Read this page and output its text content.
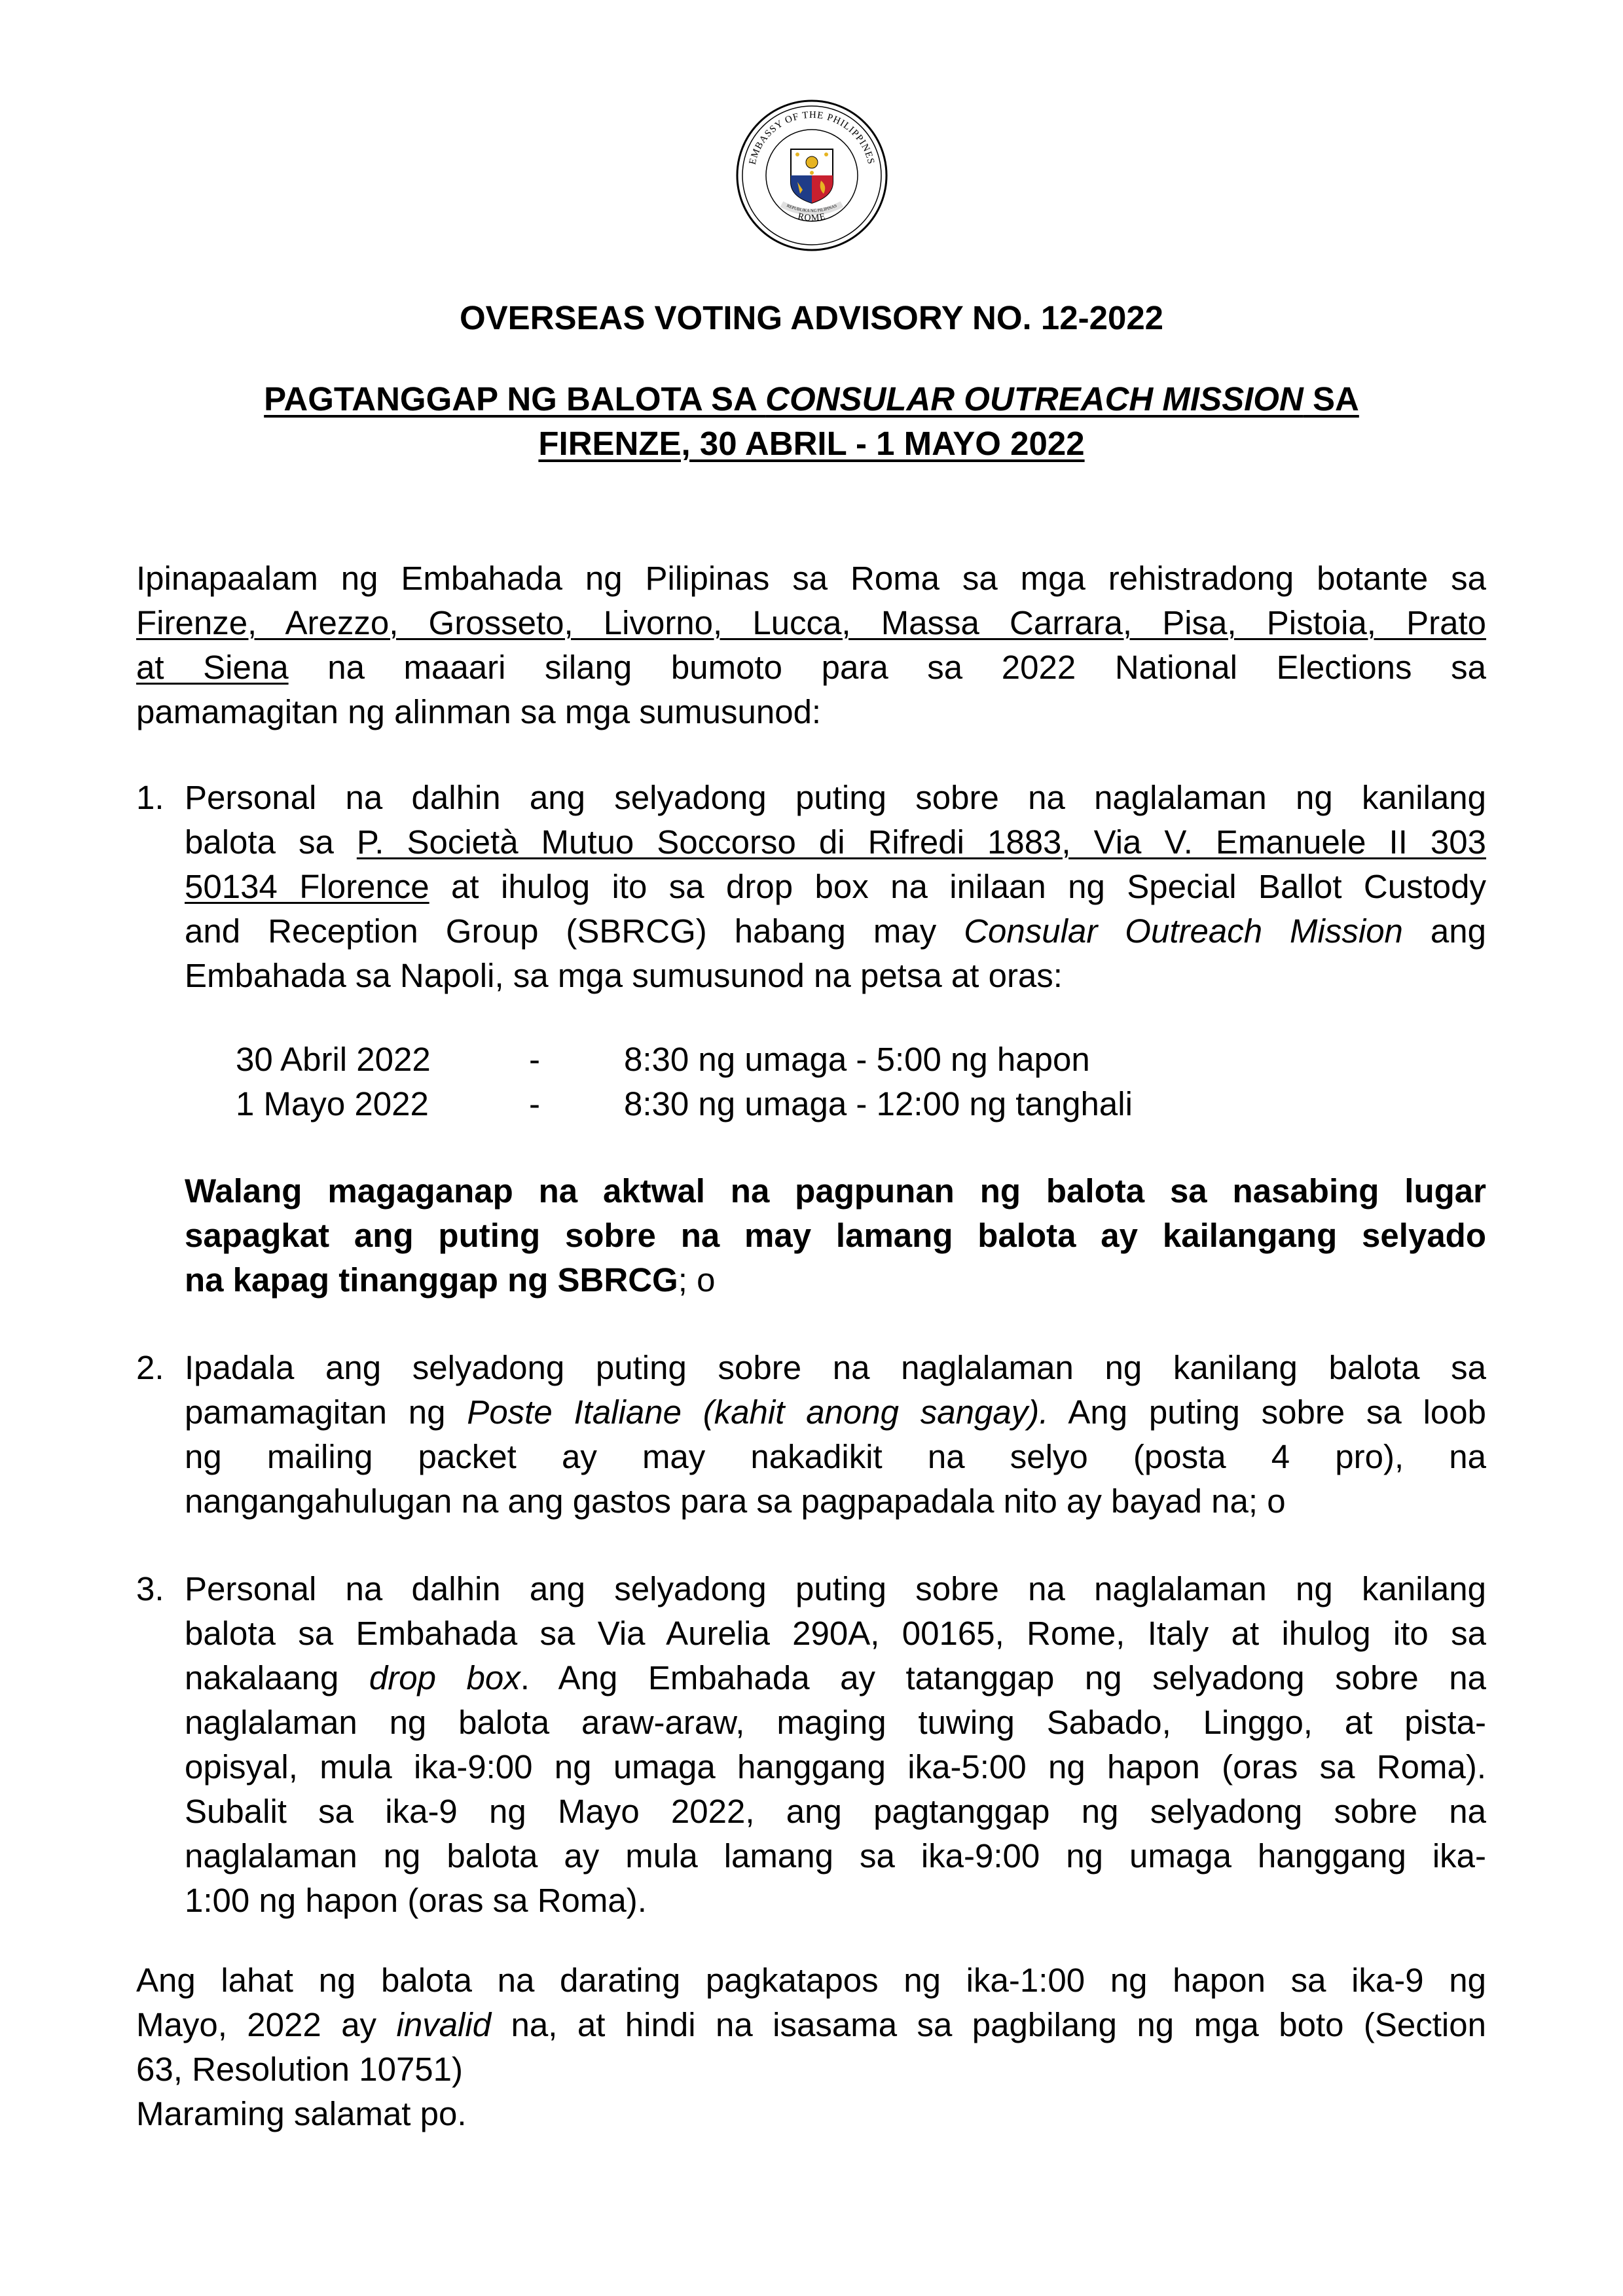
EMBASSY OF THE PHILIPPINES
ROME
REPUBLIKA NG PILIPINAS
OVERSEAS VOTING ADVISORY NO. 12-2022
PAGTANGGAP NG BALOTA SA CONSULAR OUTREACH MISSION SA
FIRENZE, 30 ABRIL - 1 MAYO 2022
Ipinapaalam ng Embahada ng Pilipinas sa Roma sa mga rehistradong botante sa
Firenze, Arezzo, Grosseto, Livorno, Lucca, Massa Carrara, Pisa, Pistoia, Prato
at Siena na maaari silang bumoto para sa 2022 National Elections sa
pamamagitan ng alinman sa mga sumusunod:
1. Personal na dalhin ang selyadong puting sobre na naglalaman ng kanilang
balota sa P. Società Mutuo Soccorso di Rifredi 1883, Via V. Emanuele II 303
50134 Florence at ihulog ito sa drop box na inilaan ng Special Ballot Custody
and Reception Group (SBRCG) habang may Consular Outreach Mission ang
Embahada sa Napoli, sa mga sumusunod na petsa at oras:
30 Abril 2022	-	8:30 ng umaga - 5:00 ng hapon
1 Mayo 2022	-	8:30 ng umaga - 12:00 ng tanghali
Walang magaganap na aktwal na pagpunan ng balota sa nasabing lugar
sapagkat ang puting sobre na may lamang balota ay kailangang selyado
na kapag tinanggap ng SBRCG; o
2. Ipadala ang selyadong puting sobre na naglalaman ng kanilang balota sa
pamamagitan ng Poste Italiane (kahit anong sangay). Ang puting sobre sa loob
ng mailing packet ay may nakadikit na selyo (posta 4 pro), na
nangangahulugan na ang gastos para sa pagpapadala nito ay bayad na; o
3. Personal na dalhin ang selyadong puting sobre na naglalaman ng kanilang
balota sa Embahada sa Via Aurelia 290A, 00165, Rome, Italy at ihulog ito sa
nakalaang drop box. Ang Embahada ay tatanggap ng selyadong sobre na
naglalaman ng balota araw-araw, maging tuwing Sabado, Linggo, at pista-
opisyal, mula ika-9:00 ng umaga hanggang ika-5:00 ng hapon (oras sa Roma).
Subalit sa ika-9 ng Mayo 2022, ang pagtanggap ng selyadong sobre na
naglalaman ng balota ay mula lamang sa ika-9:00 ng umaga hanggang ika-
1:00 ng hapon (oras sa Roma).
Ang lahat ng balota na darating pagkatapos ng ika-1:00 ng hapon sa ika-9 ng
Mayo, 2022 ay invalid na, at hindi na isasama sa pagbilang ng mga boto (Section
63, Resolution 10751)
Maraming salamat po.
